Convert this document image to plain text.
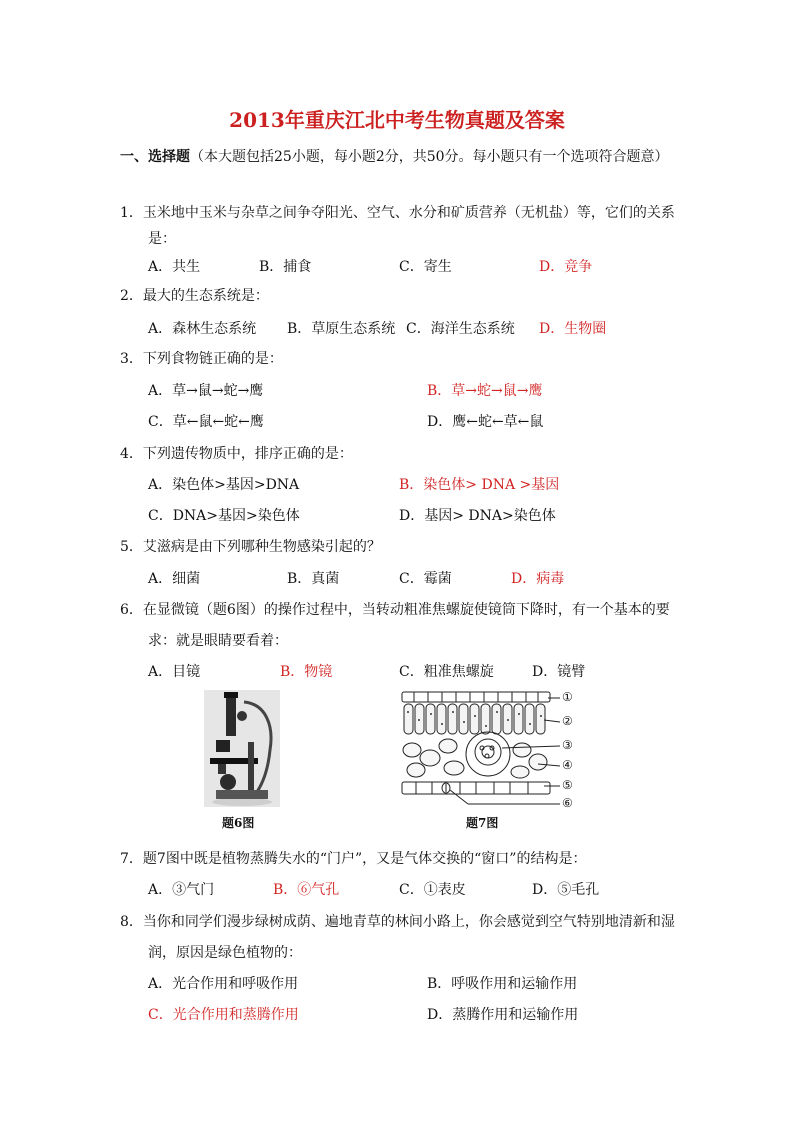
2013年重庆江北中考生物真题及答案
一、选择题（本大题包括25小题，每小题2分，共50分。每小题只有一个选项符合题意）
1．玉米地中玉米与杂草之间争夺阳光、空气、水分和矿质营养（无机盐）等，它们的关系
是：
A．共生	B．捕食	C．寄生	D．竞争
2．最大的生态系统是：
A．森林生态系统 B．草原生态系统 C．海洋生态系统 D．生物圈
3．下列食物链正确的是：
A．草→鼠→蛇→鹰	B．草→蛇→鼠→鹰
C．草←鼠←蛇←鹰	D．鹰←蛇←草←鼠
4．下列遗传物质中，排序正确的是：
A．染色体>基因>DNA	B．染色体> DNA >基因
C．DNA>基因>染色体	D．基因> DNA>染色体
5．艾滋病是由下列哪种生物感染引起的？
A．细菌	B．真菌	C．霉菌	D．病毒
6．在显微镜（题6图）的操作过程中，当转动粗准焦螺旋使镜筒下降时，有一个基本的要
求：就是眼睛要看着：
A．目镜	B．物镜	C．粗准焦螺旋	D．镜臂
题6图
①
②
③
④
⑤
⑥
题7图
7．题7图中既是植物蒸腾失水的“门户”，又是气体交换的“窗口”的结构是：
A．③气门	B．⑥气孔	C．①表皮	D．⑤毛孔
8．当你和同学们漫步绿树成荫、遍地青草的林间小路上，你会感觉到空气特别地清新和湿
润，原因是绿色植物的：
A．光合作用和呼吸作用	B．呼吸作用和运输作用
C．光合作用和蒸腾作用	D．蒸腾作用和运输作用
